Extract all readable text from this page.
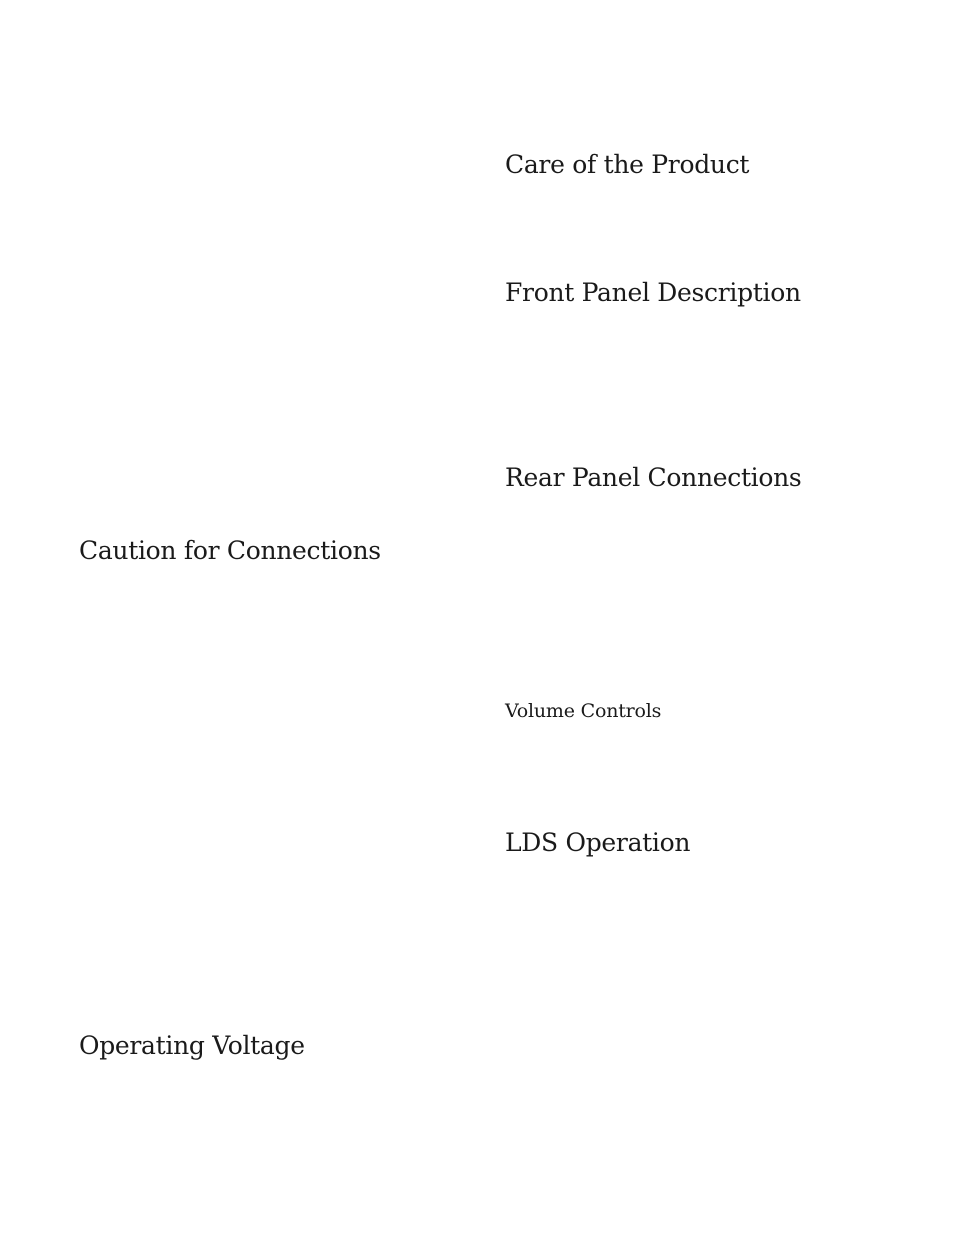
Care of the Product
Front Panel Description
Rear Panel Connections
Caution for Connections
Volume Controls
LDS Operation
Operating Voltage
